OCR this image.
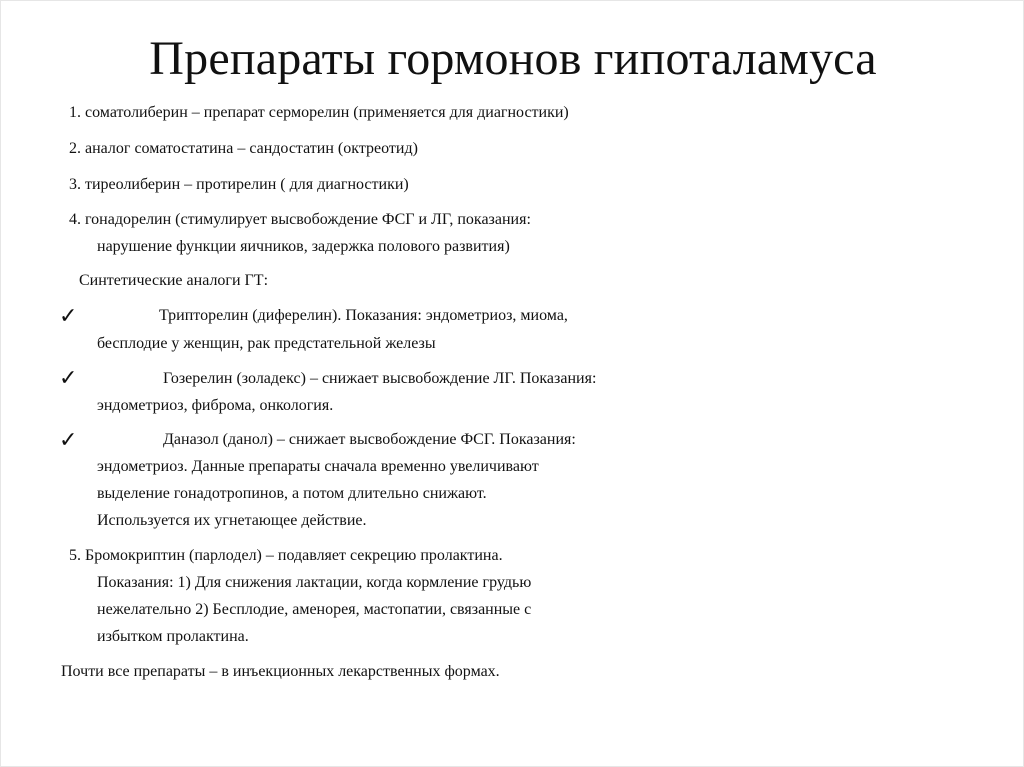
Препараты гормонов гипоталамуса
1. соматолиберин – препарат серморелин (применяется для диагностики)
2. аналог соматостатина – сандостатин (октреотид)
3. тиреолиберин – протирелин ( для диагностики)
4. гонадорелин (стимулирует высвобождение ФСГ и ЛГ, показания:
нарушение функции яичников, задержка полового развития)
Синтетические аналоги ГТ:
✓	Трипторелин (диферелин). Показания: эндометриоз, миома,
бесплодие у женщин, рак предстательной железы
✓	Гозерелин (золадекс) – снижает высвобождение ЛГ. Показания:
эндометриоз, фиброма, онкология.
✓	Даназол (данол) – снижает высвобождение ФСГ. Показания:
эндометриоз. Данные препараты сначала временно увеличивают
выделение гонадотропинов, а потом длительно снижают.
Используется их угнетающее действие.
5. Бромокриптин (парлодел) – подавляет секрецию пролактина.
Показания: 1) Для снижения лактации, когда кормление грудью
нежелательно 2) Бесплодие, аменорея, мастопатии, связанные с
избытком пролактина.
Почти все препараты – в инъекционных лекарственных формах.
